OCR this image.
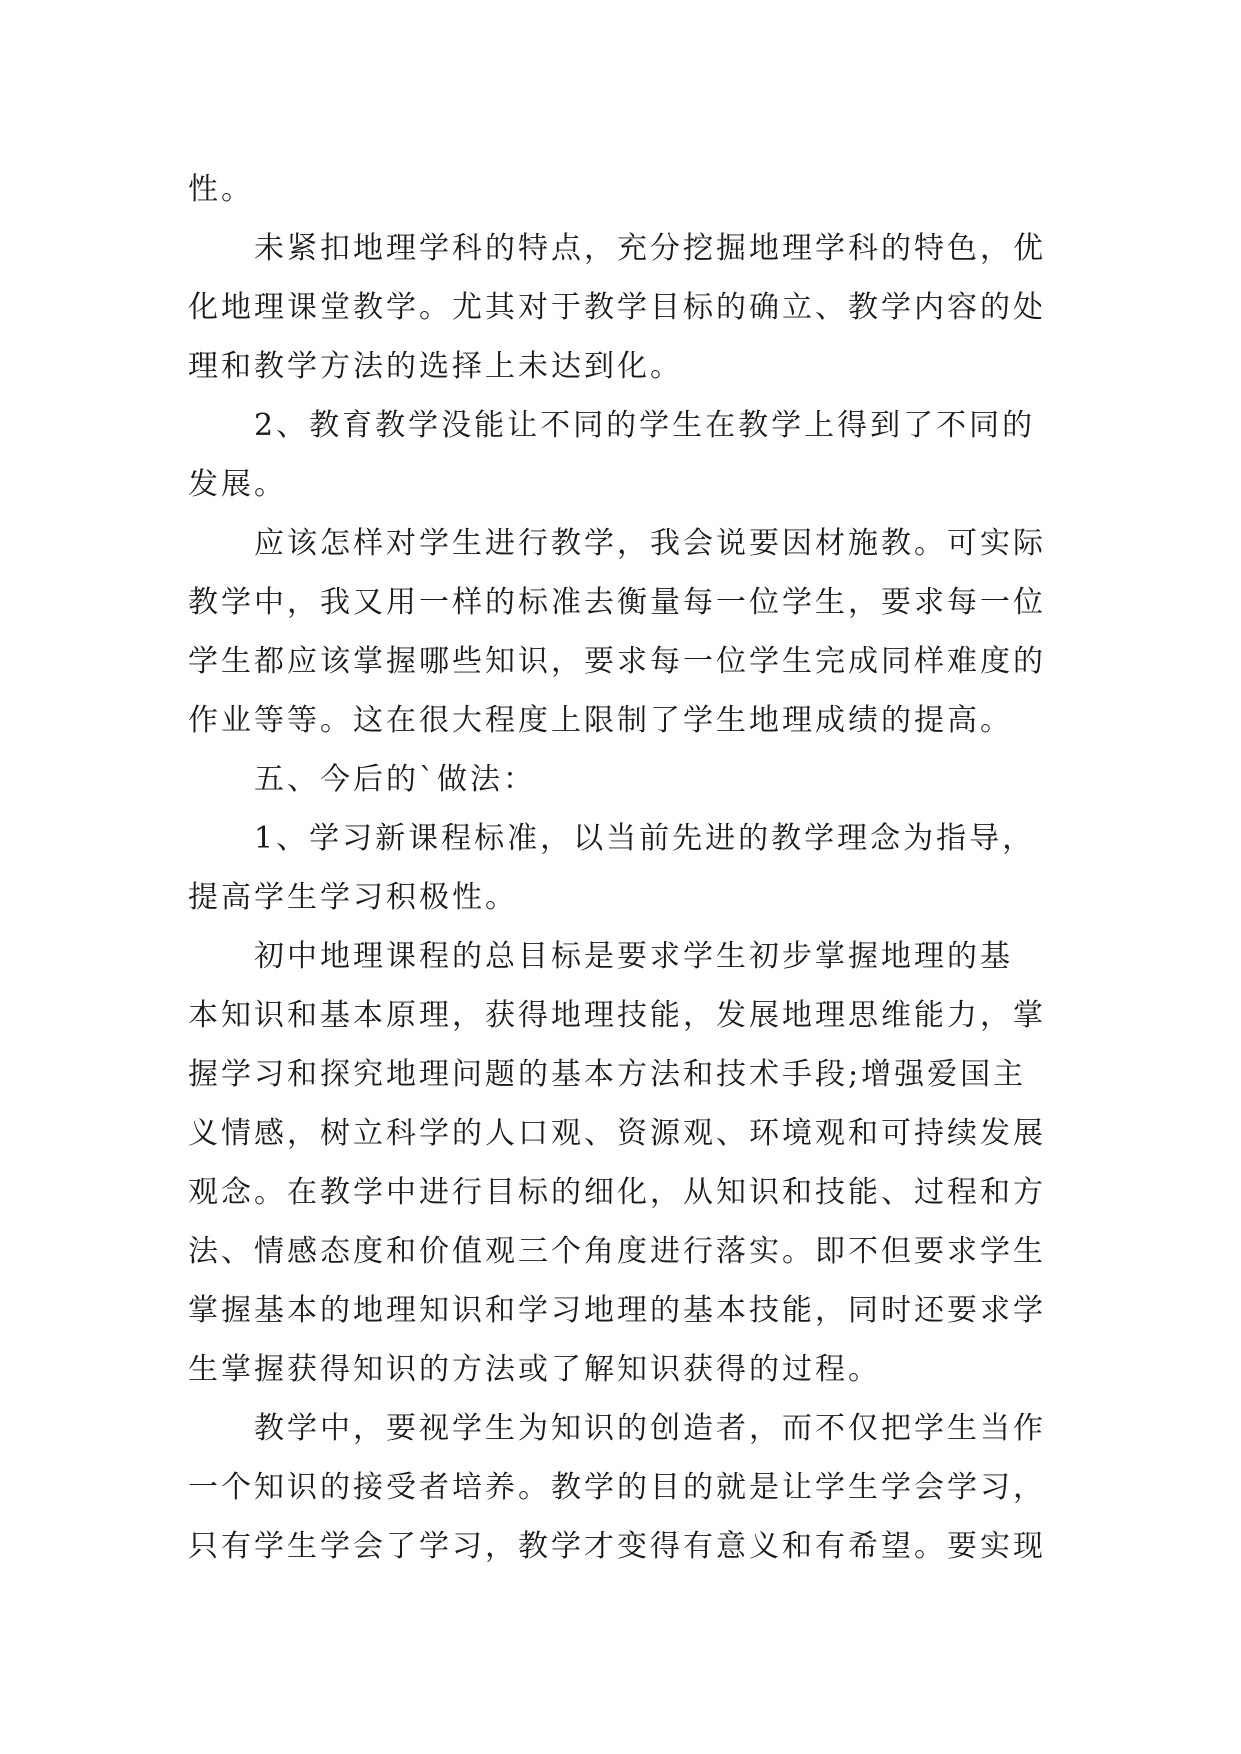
性。
未紧扣地理学科的特点，充分挖掘地理学科的特色，优
化地理课堂教学。尤其对于教学目标的确立、教学内容的处
理和教学方法的选择上未达到化。
2、教育教学没能让不同的学生在教学上得到了不同的
发展。
应该怎样对学生进行教学，我会说要因材施教。可实际
教学中，我又用一样的标准去衡量每一位学生，要求每一位
学生都应该掌握哪些知识，要求每一位学生完成同样难度的
作业等等。这在很大程度上限制了学生地理成绩的提高。
五、今后的`做法：
1、学习新课程标准，以当前先进的教学理念为指导，
提高学生学习积极性。
初中地理课程的总目标是要求学生初步掌握地理的基
本知识和基本原理，获得地理技能，发展地理思维能力，掌
握学习和探究地理问题的基本方法和技术手段;增强爱国主
义情感，树立科学的人口观、资源观、环境观和可持续发展
观念。在教学中进行目标的细化，从知识和技能、过程和方
法、情感态度和价值观三个角度进行落实。即不但要求学生
掌握基本的地理知识和学习地理的基本技能，同时还要求学
生掌握获得知识的方法或了解知识获得的过程。
教学中，要视学生为知识的创造者，而不仅把学生当作
一个知识的接受者培养。教学的目的就是让学生学会学习，
只有学生学会了学习，教学才变得有意义和有希望。要实现
